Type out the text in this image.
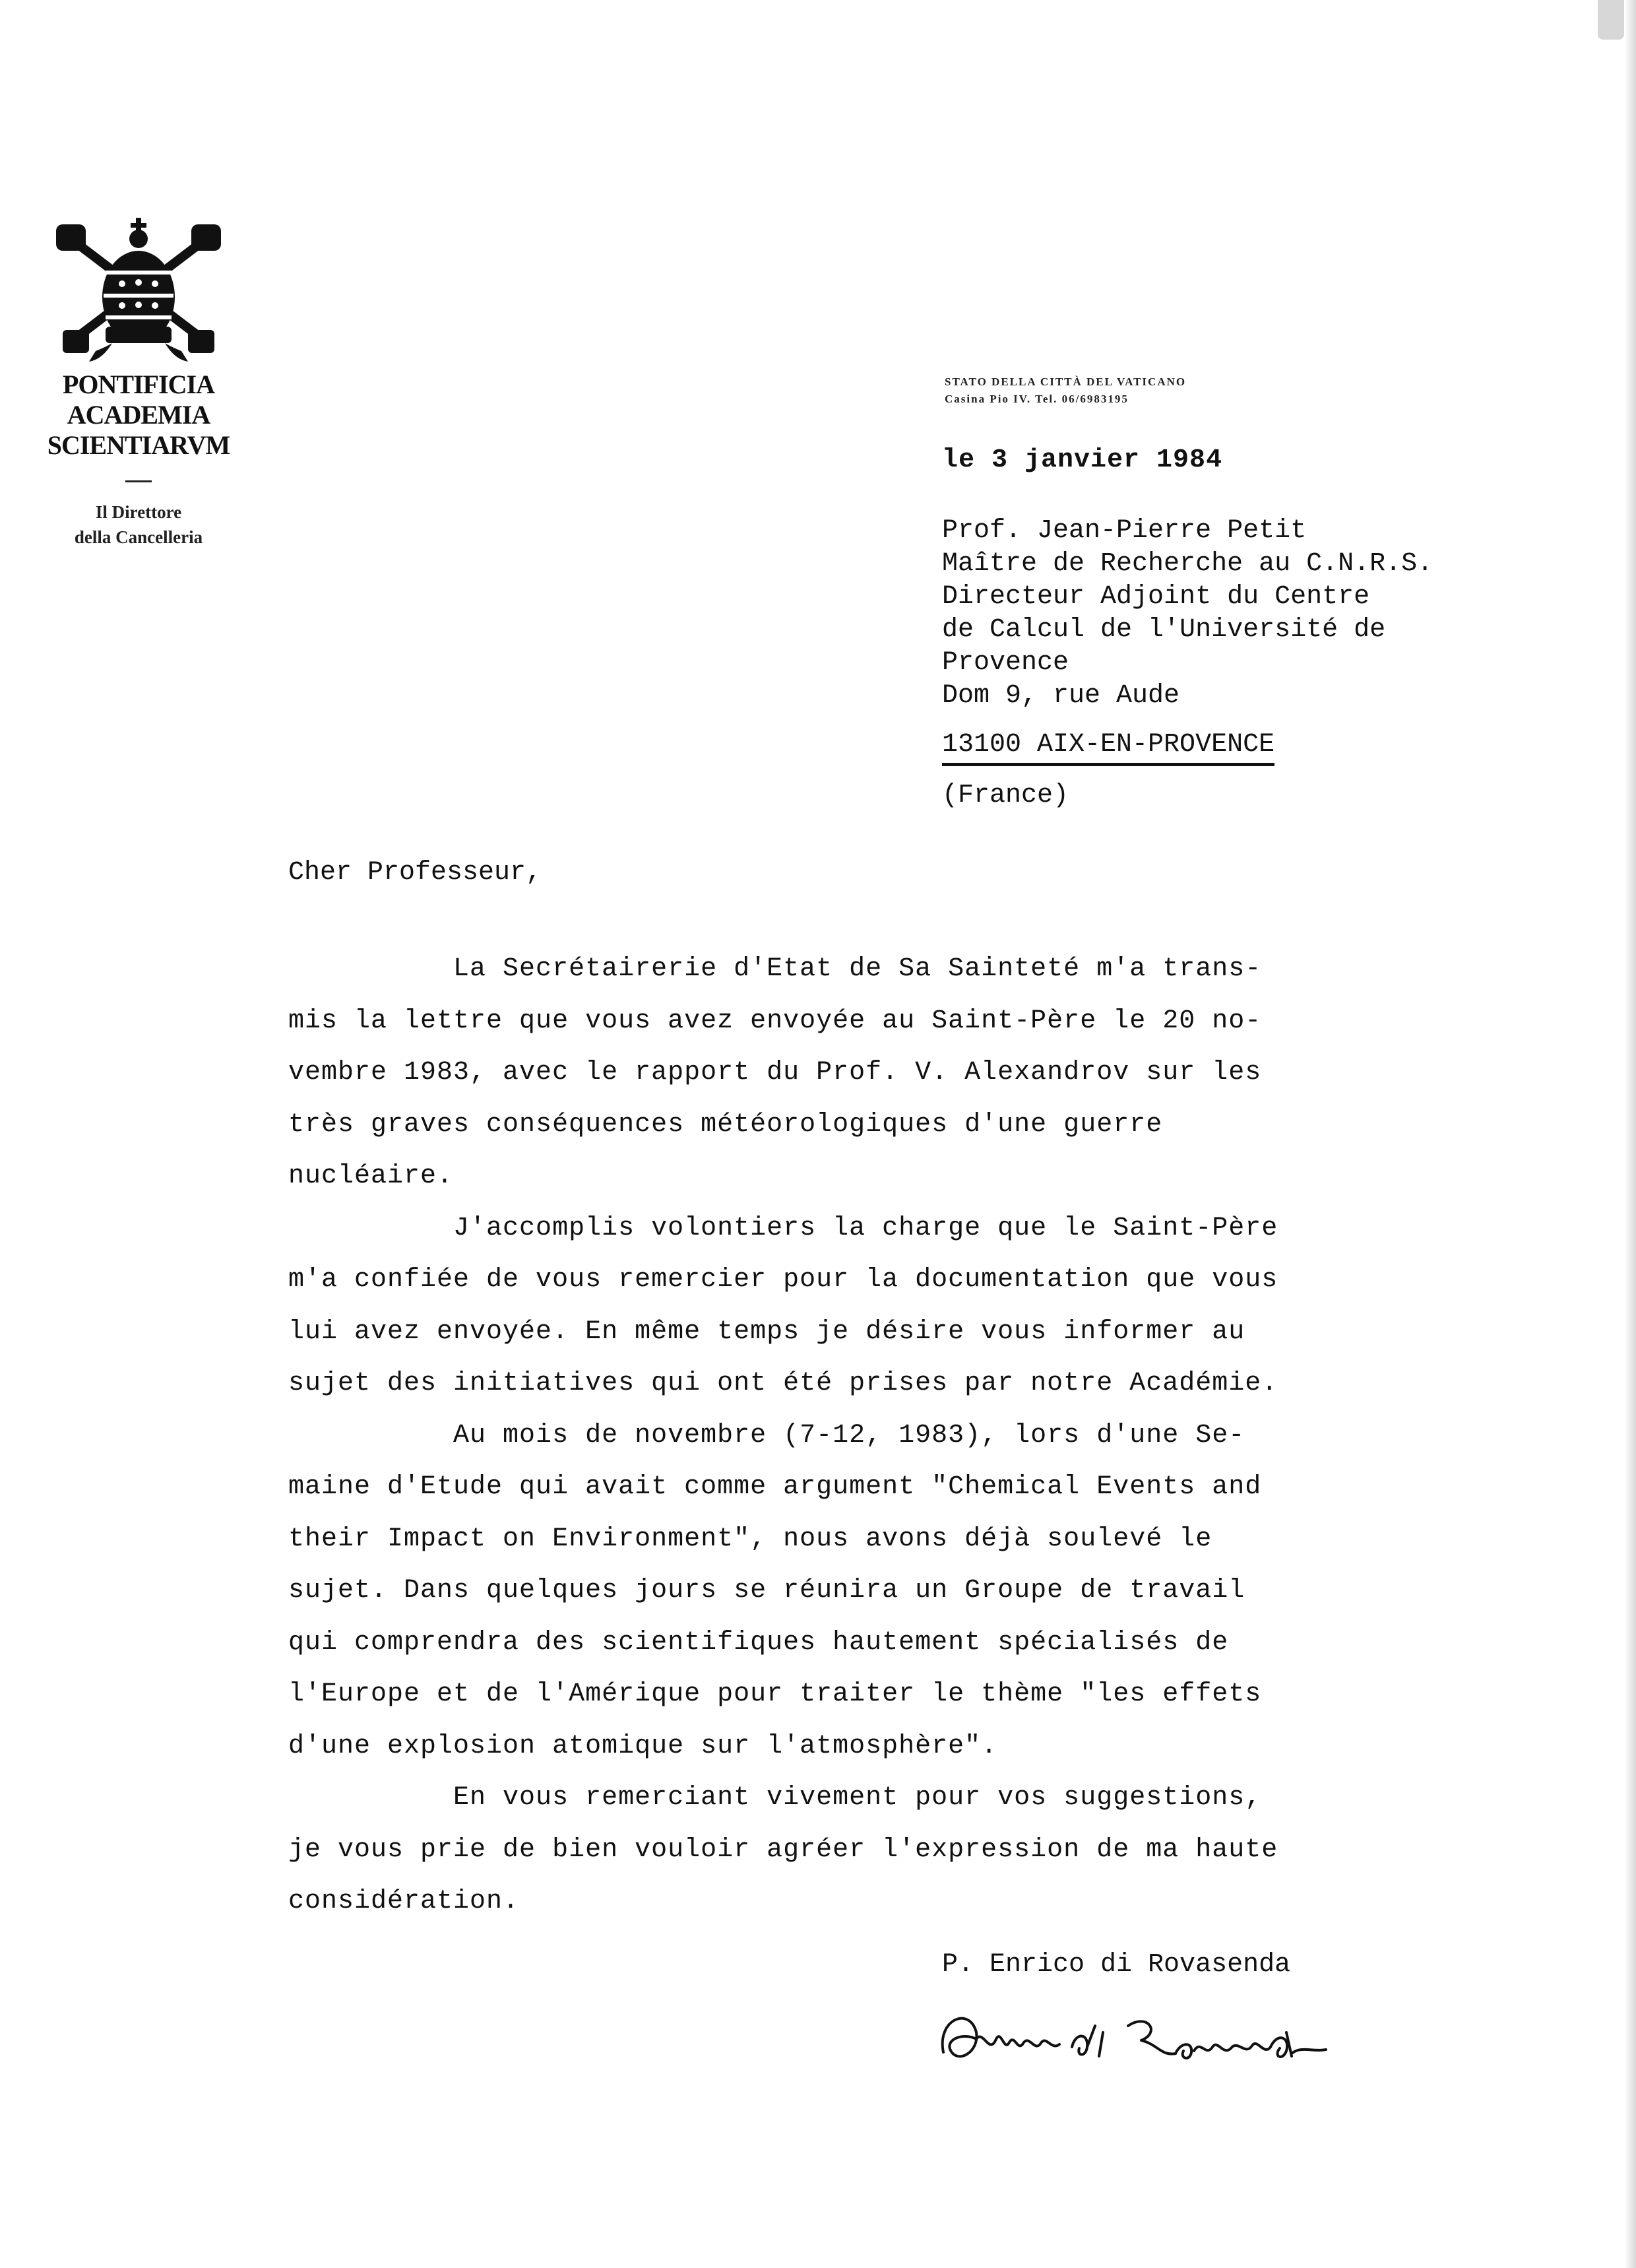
PONTIFICIA
ACADEMIA
SCIENTIARVM
Il Direttore
della Cancelleria
STATO DELLA CITTÀ DEL VATICANO
Casina Pio IV. Tel. 06/6983195
le 3 janvier 1984
Prof. Jean-Pierre Petit
Maître de Recherche au C.N.R.S.
Directeur Adjoint du Centre
de Calcul de l'Université de
Provence
Dom 9, rue Aude
13100 AIX-EN-PROVENCE
(France)
Cher Professeur,
La Secrétairerie d'Etat de Sa Sainteté m'a trans-
mis la lettre que vous avez envoyée au Saint-Père le 20 no-
vembre 1983, avec le rapport du Prof. V. Alexandrov sur les
très graves conséquences météorologiques d'une guerre
nucléaire.
J'accomplis volontiers la charge que le Saint-Père
m'a confiée de vous remercier pour la documentation que vous
lui avez envoyée. En même temps je désire vous informer au
sujet des initiatives qui ont été prises par notre Académie.
Au mois de novembre (7-12, 1983), lors d'une Se-
maine d'Etude qui avait comme argument "Chemical Events and
their Impact on Environment", nous avons déjà soulevé le
sujet. Dans quelques jours se réunira un Groupe de travail
qui comprendra des scientifiques hautement spécialisés de
l'Europe et de l'Amérique pour traiter le thème "les effets
d'une explosion atomique sur l'atmosphère".
En vous remerciant vivement pour vos suggestions,
je vous prie de bien vouloir agréer l'expression de ma haute
considération.
P. Enrico di Rovasenda
